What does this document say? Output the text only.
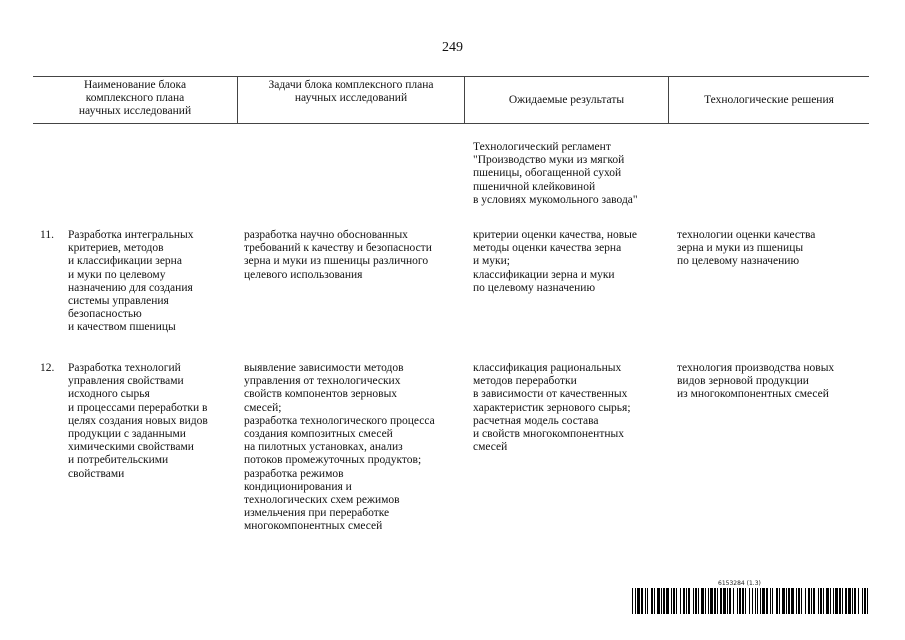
249
Наименование блока
комплексного плана
научных исследований
Задачи блока комплексного плана
научных исследований	Ожидаемые результаты	Технологические решения
Технологический регламент
"Производство муки из мягкой
пшеницы, обогащенной сухой
пшеничной клейковиной
в условиях мукомольного завода"
11. Разработка интегральных
критериев, методов
и классификации зерна
и муки по целевому
назначению для создания
системы управления
безопасностью
и качеством пшеницы
разработка научно обоснованных
требований к качеству и безопасности
зерна и муки из пшеницы различного
целевого использования
критерии оценки качества, новые
методы оценки качества зерна
и муки;
классификации зерна и муки
по целевому назначению
технологии оценки качества
зерна и муки из пшеницы
по целевому назначению
12. Разработка технологий
управления свойствами
исходного сырья
и процессами переработки в
целях создания новых видов
продукции с заданными
химическими свойствами
и потребительскими
свойствами
выявление зависимости методов
управления от технологических
свойств компонентов зерновых
смесей;
разработка технологического процесса
создания композитных смесей
на пилотных установках, анализ
потоков промежуточных продуктов;
разработка режимов
кондиционирования и
технологических схем режимов
измельчения при переработке
многокомпонентных смесей
классификация рациональных
методов переработки
в зависимости от качественных
характеристик зернового сырья;
расчетная модель состава
и свойств многокомпонентных
смесей
технология производства новых
видов зерновой продукции
из многокомпонентных смесей
6153284 (1.3)
